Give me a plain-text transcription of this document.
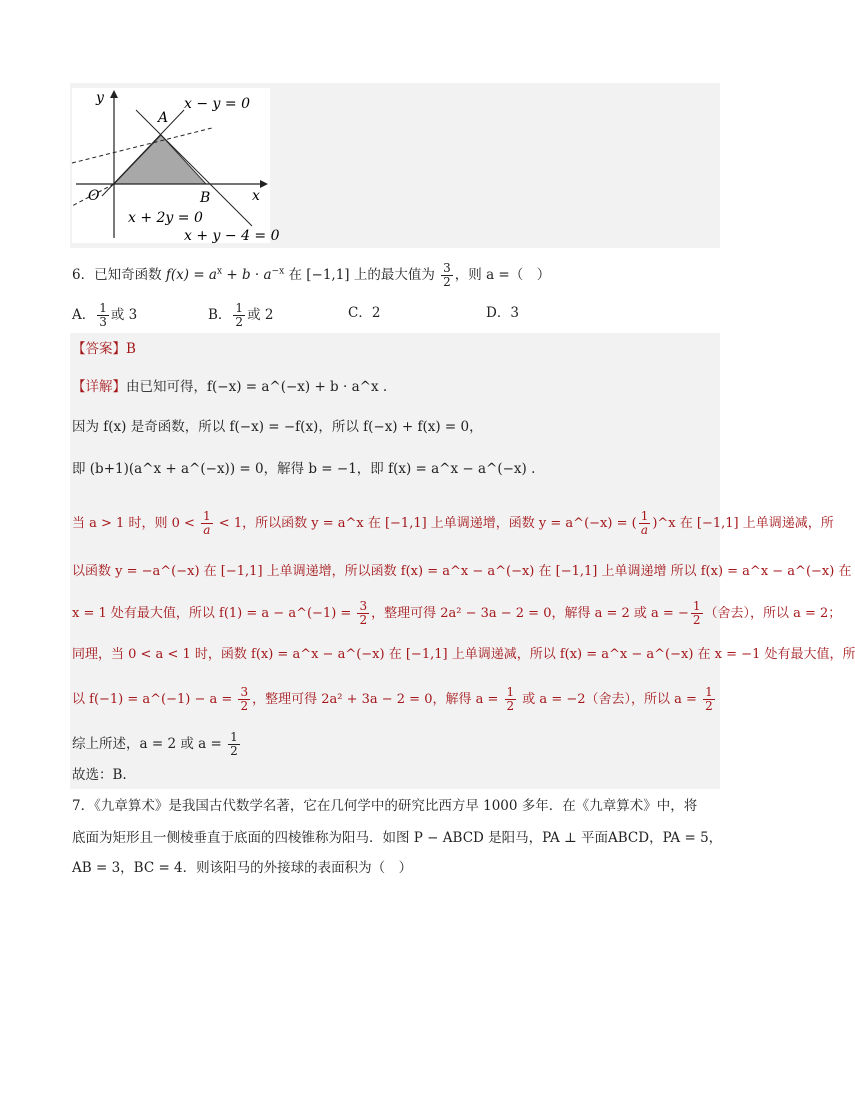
y
x
O
A
B
x − y = 0
x + 2y = 0
x + y − 4 = 0
6．已知奇函数 $f(x) = a^x + b \cdot a^{-x}$ 在 [−1,1] 上的最大值为 $\frac{3}{2}$ ，则 a =（　）
A． $\frac{1}{3}$ 或 3	B． $\frac{1}{2}$ 或 2	C．2	D．3
【答案】B
【详解】由已知可得，f(−x) = a^(−x) + b · a^x .
因为 f(x) 是奇函数，所以 f(−x) = −f(x)，所以 f(−x) + f(x) = 0，
即 (b+1)(a^x + a^(−x)) = 0，解得 b = −1，即 f(x) = a^x − a^(−x) .
当 a > 1 时，则 $0 < \frac{1}{a} < 1$，所以函数 y = a^x 在 [−1,1] 上单调递增，函数 y = a^(−x) = ( $\frac{1}{a}$ )^x 在 [−1,1] 上单调递减，所
以函数 y = −a^(−x) 在 [−1,1] 上单调递增，所以函数 f(x) = a^x − a^(−x) 在 [−1,1] 上单调递增 所以 f(x) = a^x − a^(−x) 在
x = 1 处有最大值，所以 f(1) = a − a^(−1) = $\frac{3}{2}$ ，整理可得 2a² − 3a − 2 = 0，解得 a = 2 或 a = − $\frac{1}{2}$ （舍去），所以 a = 2；
同理，当 0 < a < 1 时，函数 f(x) = a^x − a^(−x) 在 [−1,1] 上单调递减，所以 f(x) = a^x − a^(−x) 在 x = −1 处有最大值，所
以 f(−1) = a^(−1) − $a = \frac{3}{2}$ ，整理可得 2a² + 3a − 2 = 0，解得 $a = \frac{1}{2}$ 或 a = −2（舍去），所以 $a = \frac{1}{2}$
综上所述，a = 2 或 $a = \frac{1}{2}$
故选：B.
7．《九章算术》是我国古代数学名著，它在几何学中的研究比西方早 1000 多年．在《九章算术》中，将
底面为矩形且一侧棱垂直于底面的四棱锥称为阳马．如图 P − ABCD 是阳马，PA ⊥ 平面ABCD，PA = 5，
AB = 3，BC = 4．则该阳马的外接球的表面积为（　）
